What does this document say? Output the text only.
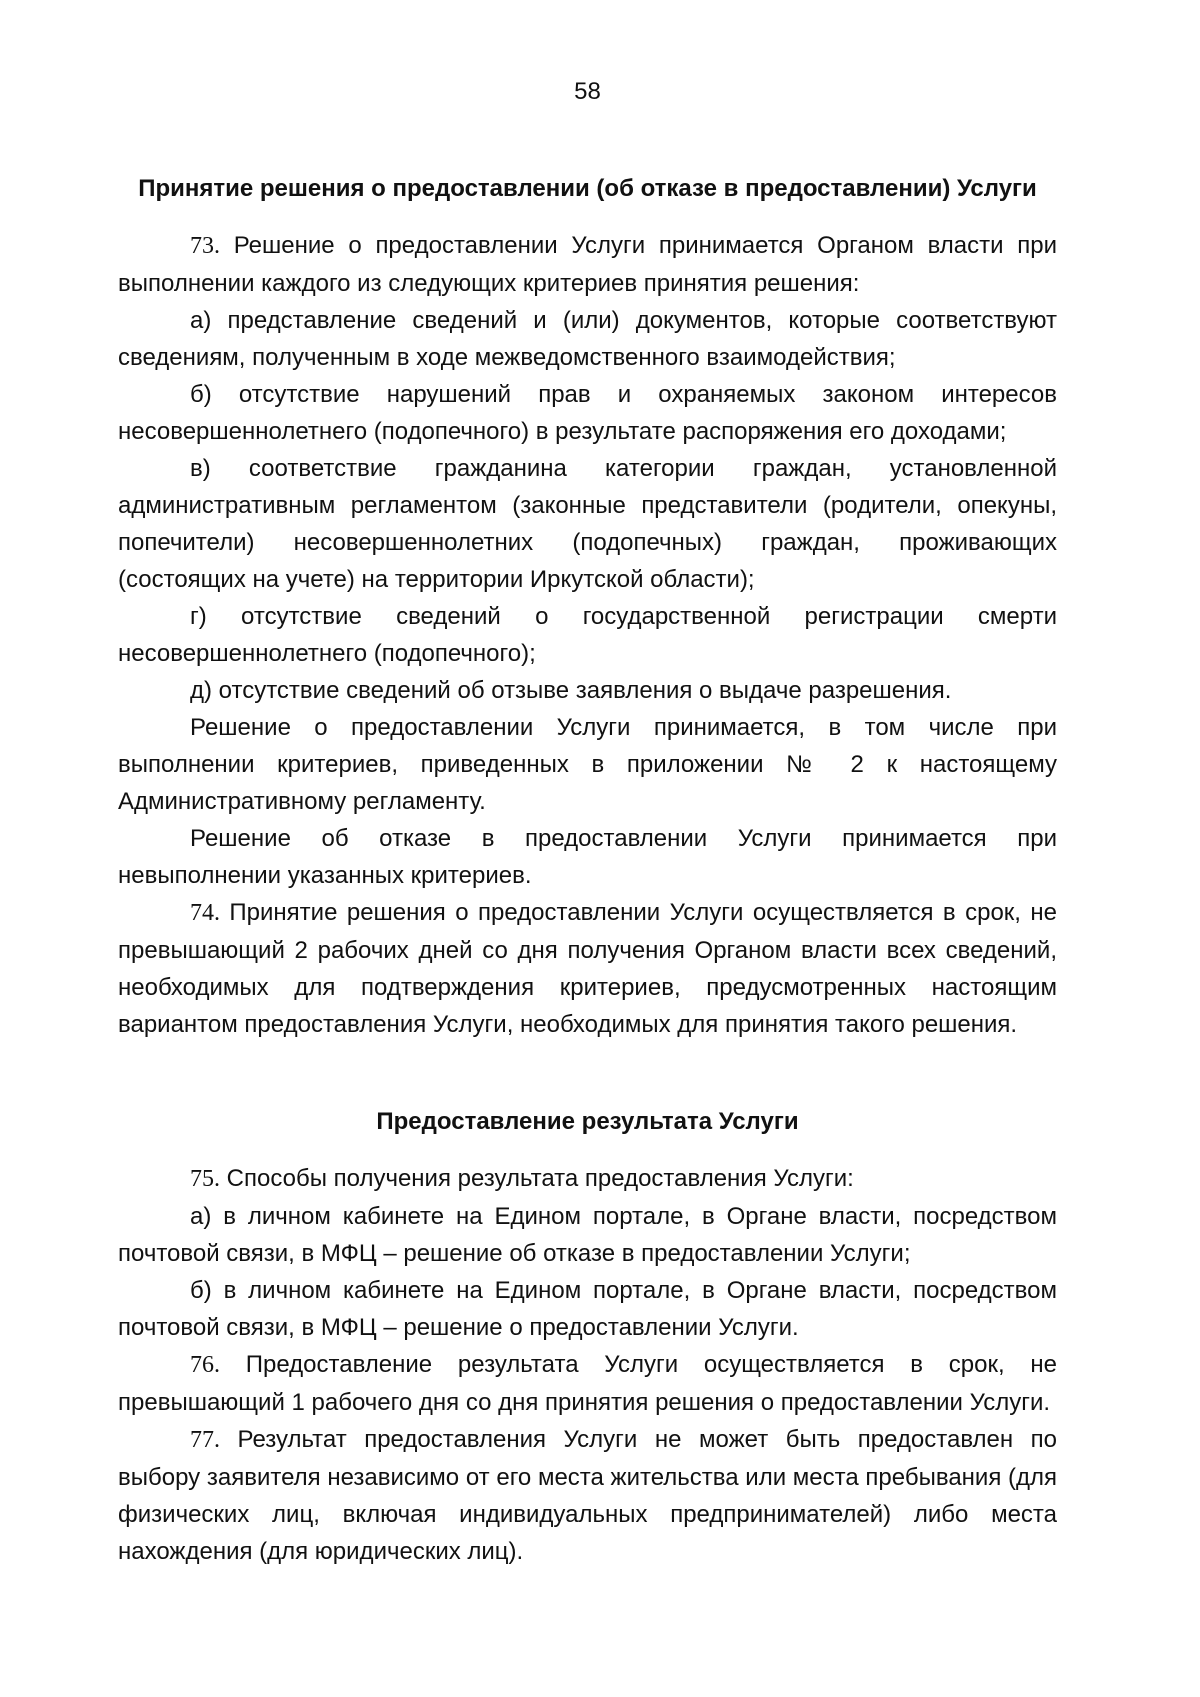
58
Принятие решения о предоставлении (об отказе в предоставлении) Услуги

73. Решение о предоставлении Услуги принимается Органом власти при выполнении каждого из следующих критериев принятия решения:

а) представление сведений и (или) документов, которые соответствуют сведениям, полученным в ходе межведомственного взаимодействия;

б) отсутствие нарушений прав и охраняемых законом интересов несовершеннолетнего (подопечного) в результате распоряжения его доходами;

в) соответствие гражданина категории граждан, установленной административным регламентом (законные представители (родители, опекуны, попечители) несовершеннолетних (подопечных) граждан, проживающих (состоящих на учете) на территории Иркутской области);

г) отсутствие сведений о государственной регистрации смерти несовершеннолетнего (подопечного);

д) отсутствие сведений об отзыве заявления о выдаче разрешения.

Решение о предоставлении Услуги принимается, в том числе при выполнении критериев, приведенных в приложении № 2 к настоящему Административному регламенту.

Решение об отказе в предоставлении Услуги принимается при невыполнении указанных критериев.

74. Принятие решения о предоставлении Услуги осуществляется в срок, не превышающий 2 рабочих дней со дня получения Органом власти всех сведений, необходимых для подтверждения критериев, предусмотренных настоящим вариантом предоставления Услуги, необходимых для принятия такого решения.

Предоставление результата Услуги

75. Способы получения результата предоставления Услуги:

а) в личном кабинете на Едином портале, в Органе власти, посредством почтовой связи, в МФЦ – решение об отказе в предоставлении Услуги;

б) в личном кабинете на Едином портале, в Органе власти, посредством почтовой связи, в МФЦ – решение о предоставлении Услуги.

76. Предоставление результата Услуги осуществляется в срок, не превышающий 1 рабочего дня со дня принятия решения о предоставлении Услуги.

77. Результат предоставления Услуги не может быть предоставлен по выбору заявителя независимо от его места жительства или места пребывания (для физических лиц, включая индивидуальных предпринимателей) либо места нахождения (для юридических лиц).
